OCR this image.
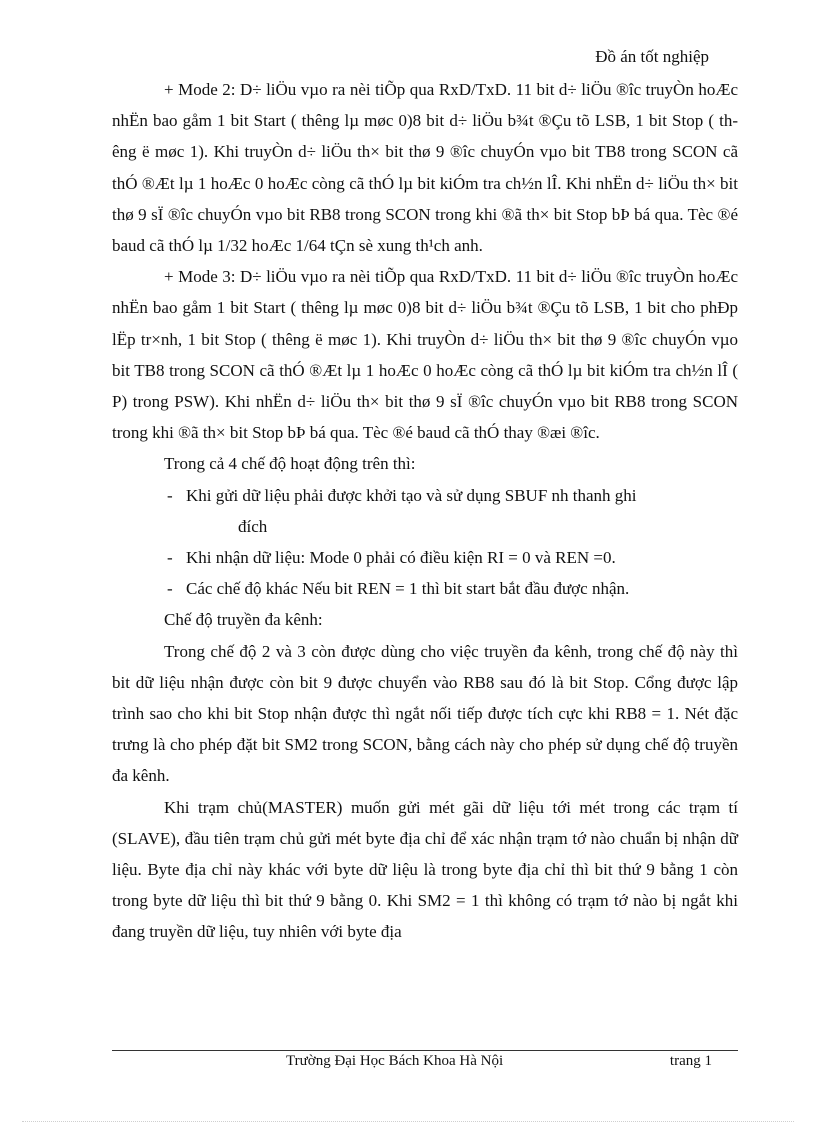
Đồ án tốt nghiệp

+ Mode 2: D÷ liÖu vµo ra nèi tiÕp qua RxD/TxD. 11 bit d÷ liÖu ®îc truyÒn hoÆc nhËn bao gåm 1 bit Start ( thêng lµ møc 0)8 bit d÷ liÖu b¾t ®Çu tõ LSB, 1 bit Stop ( thêng ë møc 1). Khi truyÒn d÷ liÖu th× bit thø 9 ®îc chuyÓn vµo bit TB8 trong SCON cã thÓ ®Æt lµ 1 hoÆc 0 hoÆc còng cã thÓ lµ bit kiÓm tra ch½n lÎ. Khi nhËn d÷ liÖu th× bit thø 9 sÏ ®îc chuyÓn vµo bit RB8 trong SCON trong khi ®ã th× bit Stop bÞ bá qua. Tèc ®é baud cã thÓ lµ 1/32 hoÆc 1/64 tÇn sè xung th¹ch anh.

+ Mode 3: D÷ liÖu vµo ra nèi tiÕp qua RxD/TxD. 11 bit d÷ liÖu ®îc truyÒn hoÆc nhËn bao gåm 1 bit Start ( thêng lµ møc 0)8 bit d÷ liÖu b¾t ®Çu tõ LSB, 1 bit cho phÐp lËp tr×nh, 1 bit Stop ( thêng ë møc 1). Khi truyÒn d÷ liÖu th× bit thø 9 ®îc chuyÓn vµo bit TB8 trong SCON cã thÓ ®Æt lµ 1 hoÆc 0 hoÆc còng cã thÓ lµ bit kiÓm tra ch½n lÎ ( P) trong PSW). Khi nhËn d÷ liÖu th× bit thø 9 sÏ ®îc chuyÓn vµo bit RB8 trong SCON trong khi ®ã th× bit Stop bÞ bá qua. Tèc ®é baud cã thÓ thay ®æi ®îc.

Trong cả 4 chế độ hoạt động trên thì:

- Khi gửi dữ liệu phải được khởi tạo và sử dụng SBUF nh thanh ghi

đích

- Khi nhận dữ liệu: Mode 0 phải có điều kiện RI = 0 và REN =0.
- Các chế độ khác Nếu bit REN = 1 thì bit start bắt đầu được nhận.

Chế độ truyền đa kênh:

Trong chế độ 2 và 3 còn được dùng cho việc truyền đa kênh, trong chế độ này thì bit dữ liệu nhận được còn bit 9 được chuyển vào RB8 sau đó là bit Stop. Cổng được lập trình sao cho khi bit Stop nhận được thì ngắt nối tiếp được tích cực khi RB8 = 1. Nét đặc trưng là cho phép đặt bit SM2 trong SCON, bằng cách này cho phép sử dụng chế độ truyền đa kênh.

Khi trạm chủ(MASTER) muốn gửi mét gãi dữ liệu tới mét trong các trạm tí (SLAVE), đầu tiên trạm chủ gửi mét byte địa chỉ để xác nhận trạm tớ nào chuẩn bị nhận dữ liệu. Byte địa chỉ này khác với byte dữ liệu là trong byte địa chỉ thì bit thứ 9 bằng 1 còn trong byte dữ liệu thì bit thứ 9 bằng 0. Khi SM2 = 1 thì không có trạm tớ nào bị ngắt khi đang truyền dữ liệu, tuy nhiên với byte địa

Trường Đại Học Bách Khoa Hà Nội	trang 1
